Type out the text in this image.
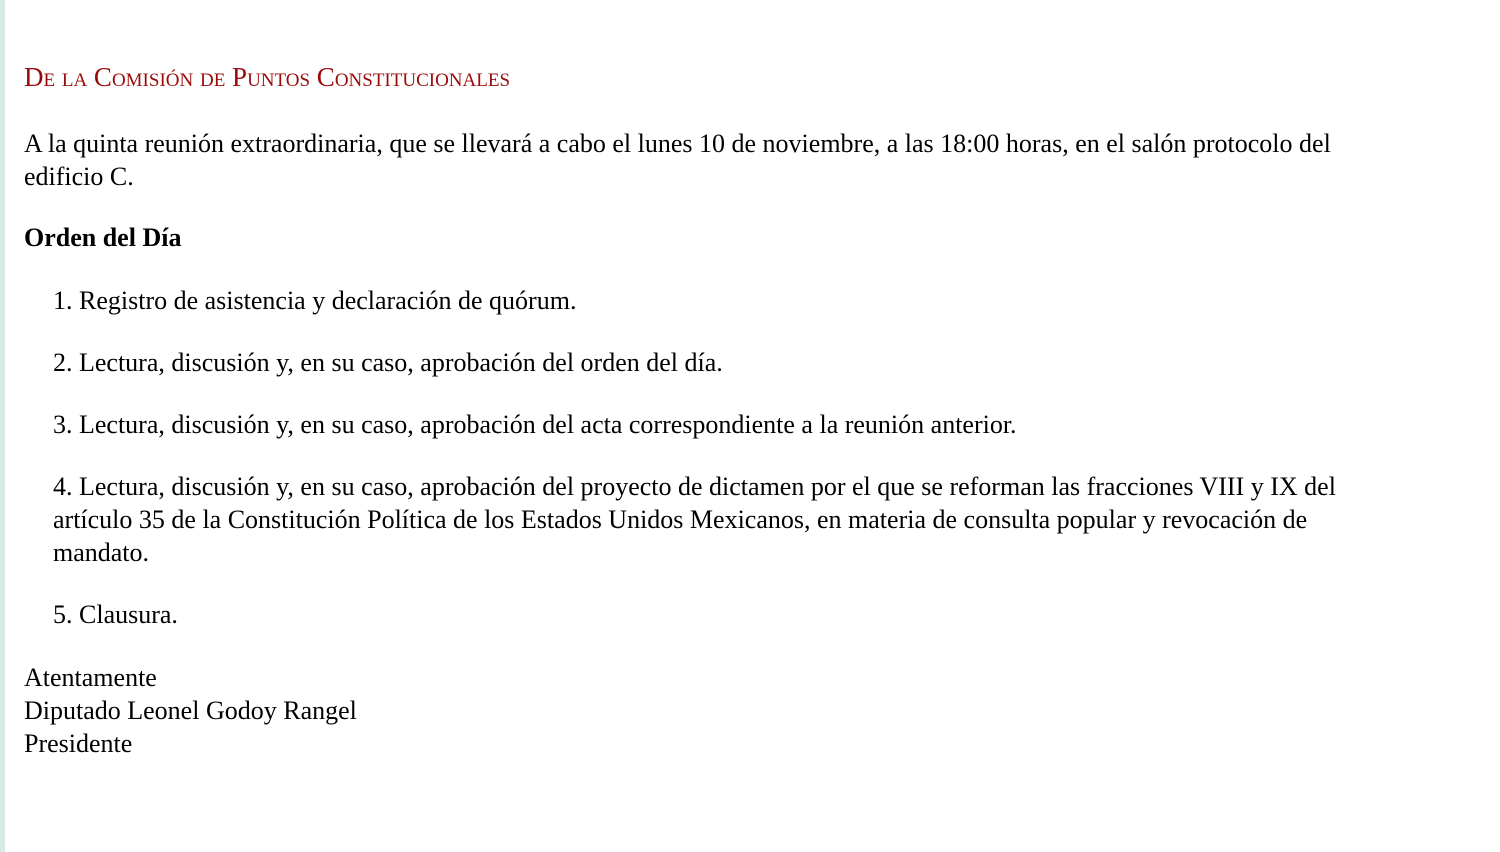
De la Comisión de Puntos Constitucionales

A la quinta reunión extraordinaria, que se llevará a cabo el lunes 10 de noviembre, a las 18:00 horas, en el salón protocolo del edificio C.

Orden del Día

1. Registro de asistencia y declaración de quórum.
2. Lectura, discusión y, en su caso, aprobación del orden del día.
3. Lectura, discusión y, en su caso, aprobación del acta correspondiente a la reunión anterior.
4. Lectura, discusión y, en su caso, aprobación del proyecto de dictamen por el que se reforman las fracciones VIII y IX del artículo 35 de la Constitución Política de los Estados Unidos Mexicanos, en materia de consulta popular y revocación de mandato.
5. Clausura.
Atentamente
Diputado Leonel Godoy Rangel
Presidente
